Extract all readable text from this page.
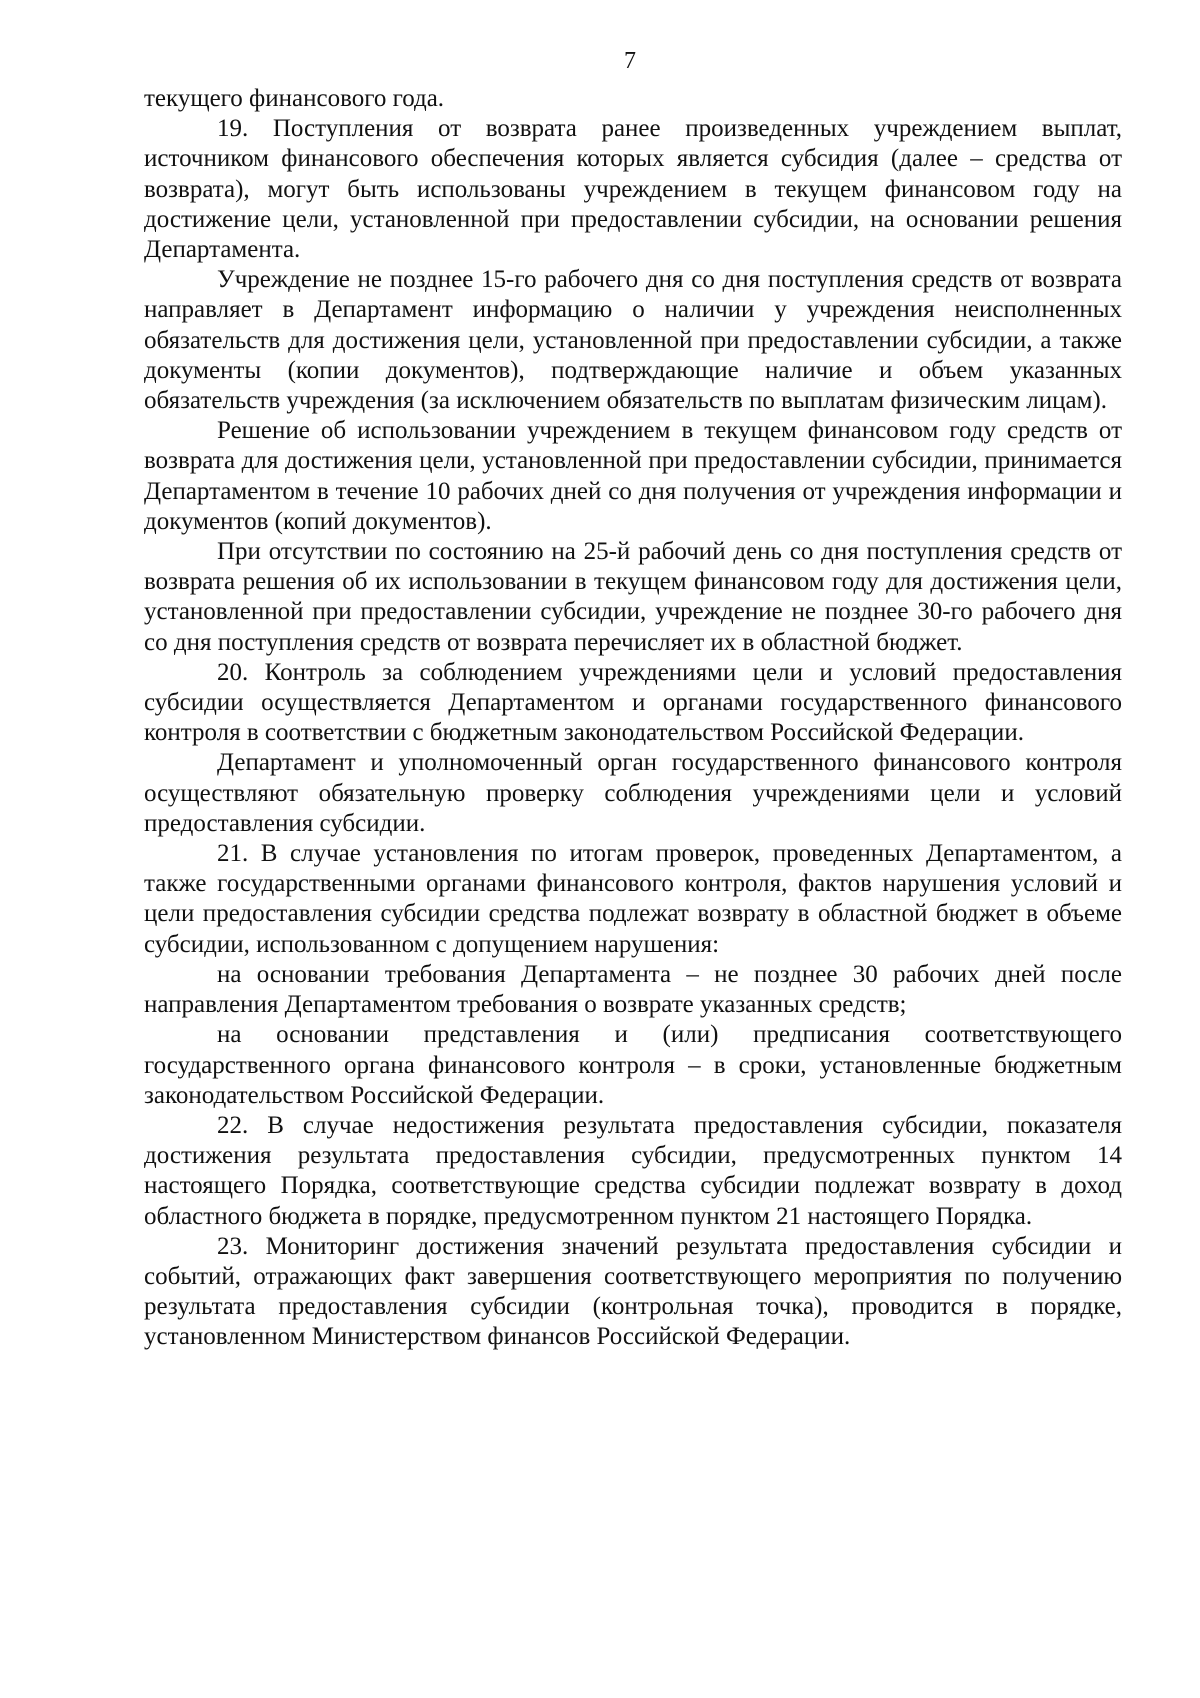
7

текущего финансового года.

19. Поступления от возврата ранее произведенных учреждением выплат, источником финансового обеспечения которых является субсидия (далее – средства от возврата), могут быть использованы учреждением в текущем финансовом году на достижение цели, установленной при предоставлении субсидии, на основании решения Департамента.

Учреждение не позднее 15-го рабочего дня со дня поступления средств от возврата направляет в Департамент информацию о наличии у учреждения неисполненных обязательств для достижения цели, установленной при предоставлении субсидии, а также документы (копии документов), подтверждающие наличие и объем указанных обязательств учреждения (за исключением обязательств по выплатам физическим лицам).

Решение об использовании учреждением в текущем финансовом году средств от возврата для достижения цели, установленной при предоставлении субсидии, принимается Департаментом в течение 10 рабочих дней со дня получения от учреждения информации и документов (копий документов).

При отсутствии по состоянию на 25-й рабочий день со дня поступления средств от возврата решения об их использовании в текущем финансовом году для достижения цели, установленной при предоставлении субсидии, учреждение не позднее 30-го рабочего дня со дня поступления средств от возврата перечисляет их в областной бюджет.

20. Контроль за соблюдением учреждениями цели и условий предоставления субсидии осуществляется Департаментом и органами государственного финансового контроля в соответствии с бюджетным законодательством Российской Федерации.

Департамент и уполномоченный орган государственного финансового контроля осуществляют обязательную проверку соблюдения учреждениями цели и условий предоставления субсидии.

21. В случае установления по итогам проверок, проведенных Департаментом, а также государственными органами финансового контроля, фактов нарушения условий и цели предоставления субсидии средства подлежат возврату в областной бюджет в объеме субсидии, использованном с допущением нарушения:

на основании требования Департамента – не позднее 30 рабочих дней после направления Департаментом требования о возврате указанных средств;

на основании представления и (или) предписания соответствующего государственного органа финансового контроля – в сроки, установленные бюджетным законодательством Российской Федерации.

22. В случае недостижения результата предоставления субсидии, показателя достижения результата предоставления субсидии, предусмотренных пунктом 14 настоящего Порядка, соответствующие средства субсидии подлежат возврату в доход областного бюджета в порядке, предусмотренном пунктом 21 настоящего Порядка.

23. Мониторинг достижения значений результата предоставления субсидии и событий, отражающих факт завершения соответствующего мероприятия по получению результата предоставления субсидии (контрольная точка), проводится в порядке, установленном Министерством финансов Российской Федерации.
